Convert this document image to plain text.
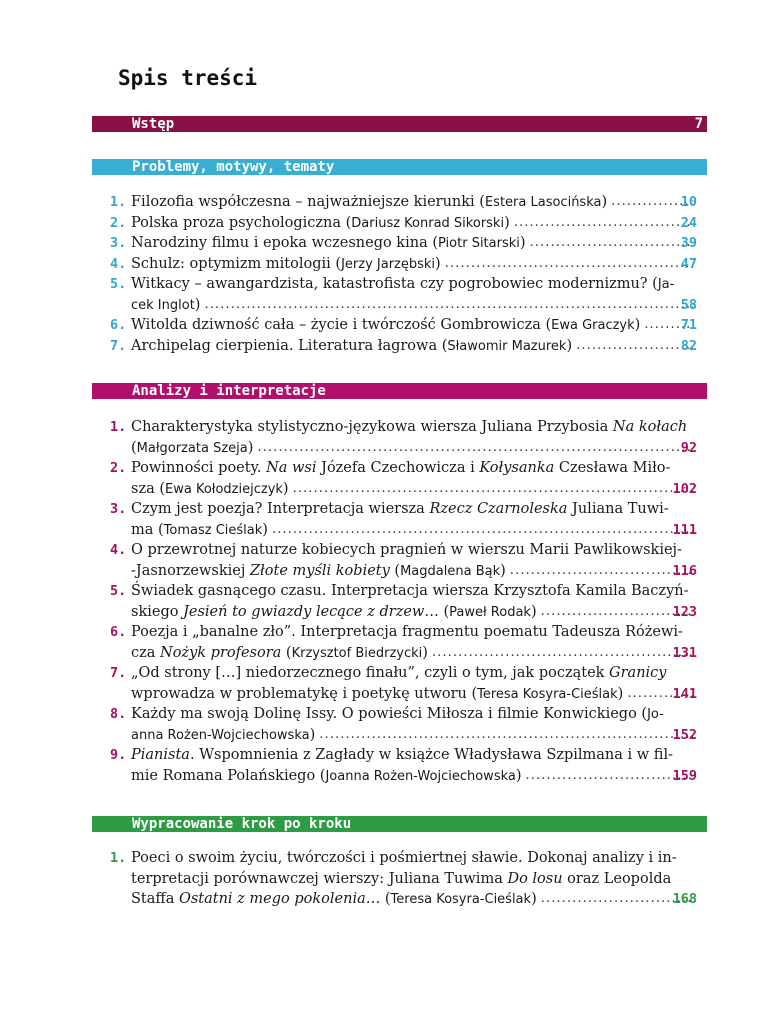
Spis treści
Wstęp	7
Problemy, motywy, tematy
1. Filozofia współczesna – najważniejsze kierunki (Estera Lasocińska) .....	10
2. Polska proza psychologiczna (Dariusz Konrad Sikorski) .....	24
3. Narodziny filmu i epoka wczesnego kina (Piotr Sitarski) .....	39
4. Schulz: optymizm mitologii (Jerzy Jarzębski) .....	47
5. Witkacy – awangardzista, katastrofista czy pogrobowiec modernizmu? (Ja-
cek Inglot) .....	58
6. Witolda dziwność cała – życie i twórczość Gombrowicza (Ewa Graczyk) .....	71
7. Archipelag cierpienia. Literatura łagrowa (Sławomir Mazurek) .....	82
Analizy i interpretacje
1. Charakterystyka stylistyczno-językowa wiersza Juliana Przybosia Na kołach
(Małgorzata Szeja) .....	92
2. Powinności poety. Na wsi Józefa Czechowicza i Kołysanka Czesława Miło-
sza (Ewa Kołodziejczyk) .....	102
3. Czym jest poezja? Interpretacja wiersza Rzecz Czarnoleska Juliana Tuwi-
ma (Tomasz Cieślak) .....	111
4. O przewrotnej naturze kobiecych pragnień w wierszu Marii Pawlikowskiej-
-Jasnorzewskiej Złote myśli kobiety (Magdalena Bąk) .....	116
5. Świadek gasnącego czasu. Interpretacja wiersza Krzysztofa Kamila Baczyń-
skiego Jesień to gwiazdy lecące z drzew… (Paweł Rodak) .....	123
6. Poezja i „banalne zło”. Interpretacja fragmentu poematu Tadeusza Różewi-
cza Nożyk profesora (Krzysztof Biedrzycki) .....	131
7. „Od strony […] niedorzecznego finału”, czyli o tym, jak początek Granicy
wprowadza w problematykę i poetykę utworu (Teresa Kosyra-Cieślak) .....	141
8. Każdy ma swoją Dolinę Issy. O powieści Miłosza i filmie Konwickiego (Jo-
anna Rożen-Wojciechowska) .....	152
9. Pianista. Wspomnienia z Zagłady w książce Władysława Szpilmana i w fil-
mie Romana Polańskiego (Joanna Rożen-Wojciechowska) .....	159
Wypracowanie krok po kroku
1. Poeci o swoim życiu, twórczości i pośmiertnej sławie. Dokonaj analizy i in-
terpretacji porównawczej wierszy: Juliana Tuwima Do losu oraz Leopolda
Staffa Ostatni z mego pokolenia… (Teresa Kosyra-Cieślak) .....	168
